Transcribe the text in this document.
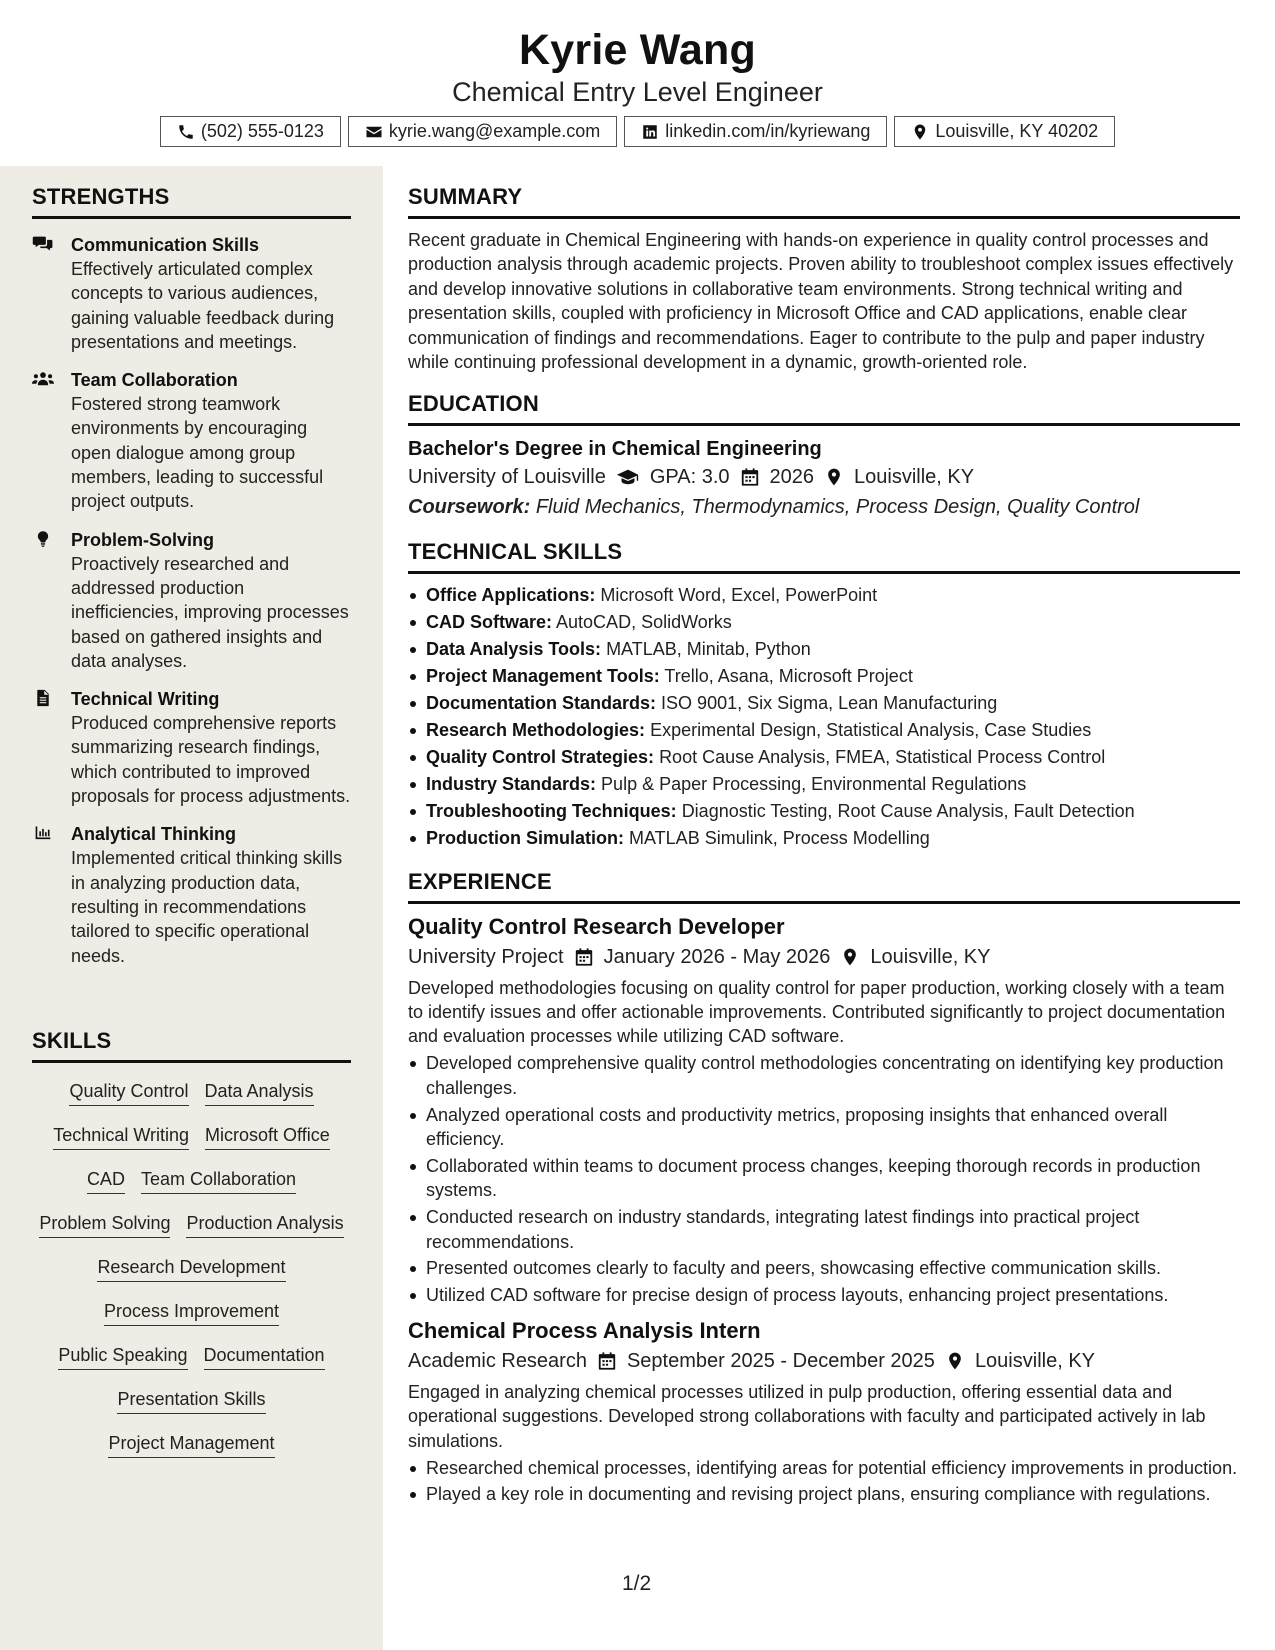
Kyrie Wang
Chemical Entry Level Engineer
(502) 555-0123	kyrie.wang@example.com	linkedin.com/in/kyriewang	Louisville, KY 40202
STRENGTHS
Communication Skills
Effectively articulated complex concepts to various audiences, gaining valuable feedback during presentations and meetings.
Team Collaboration
Fostered strong teamwork environments by encouraging open dialogue among group members, leading to successful project outputs.
Problem-Solving
Proactively researched and addressed production inefficiencies, improving processes based on gathered insights and data analyses.
Technical Writing
Produced comprehensive reports summarizing research findings, which contributed to improved proposals for process adjustments.
Analytical Thinking
Implemented critical thinking skills in analyzing production data, resulting in recommendations tailored to specific operational needs.
SKILLS
Quality Control Data Analysis
Technical Writing Microsoft Office
CAD Team Collaboration
Problem Solving Production Analysis
Research Development
Process Improvement
Public Speaking Documentation
Presentation Skills
Project Management
SUMMARY
Recent graduate in Chemical Engineering with hands-on experience in quality control processes and production analysis through academic projects. Proven ability to troubleshoot complex issues effectively and develop innovative solutions in collaborative team environments. Strong technical writing and presentation skills, coupled with proficiency in Microsoft Office and CAD applications, enable clear communication of findings and recommendations. Eager to contribute to the pulp and paper industry while continuing professional development in a dynamic, growth-oriented role.
EDUCATION
Bachelor's Degree in Chemical Engineering
University of Louisville GPA: 3.0 2026 Louisville, KY
Coursework: Fluid Mechanics, Thermodynamics, Process Design, Quality Control
TECHNICAL SKILLS
Office Applications: Microsoft Word, Excel, PowerPoint
CAD Software: AutoCAD, SolidWorks
Data Analysis Tools: MATLAB, Minitab, Python
Project Management Tools: Trello, Asana, Microsoft Project
Documentation Standards: ISO 9001, Six Sigma, Lean Manufacturing
Research Methodologies: Experimental Design, Statistical Analysis, Case Studies
Quality Control Strategies: Root Cause Analysis, FMEA, Statistical Process Control
Industry Standards: Pulp & Paper Processing, Environmental Regulations
Troubleshooting Techniques: Diagnostic Testing, Root Cause Analysis, Fault Detection
Production Simulation: MATLAB Simulink, Process Modelling
EXPERIENCE
Quality Control Research Developer
University Project January 2026 - May 2026 Louisville, KY
Developed methodologies focusing on quality control for paper production, working closely with a team to identify issues and offer actionable improvements. Contributed significantly to project documentation and evaluation processes while utilizing CAD software.
Developed comprehensive quality control methodologies concentrating on identifying key production challenges.
Analyzed operational costs and productivity metrics, proposing insights that enhanced overall efficiency.
Collaborated within teams to document process changes, keeping thorough records in production systems.
Conducted research on industry standards, integrating latest findings into practical project recommendations.
Presented outcomes clearly to faculty and peers, showcasing effective communication skills.
Utilized CAD software for precise design of process layouts, enhancing project presentations.
Chemical Process Analysis Intern
Academic Research September 2025 - December 2025 Louisville, KY
Engaged in analyzing chemical processes utilized in pulp production, offering essential data and operational suggestions. Developed strong collaborations with faculty and participated actively in lab simulations.
Researched chemical processes, identifying areas for potential efficiency improvements in production.
Played a key role in documenting and revising project plans, ensuring compliance with regulations.
1/2
